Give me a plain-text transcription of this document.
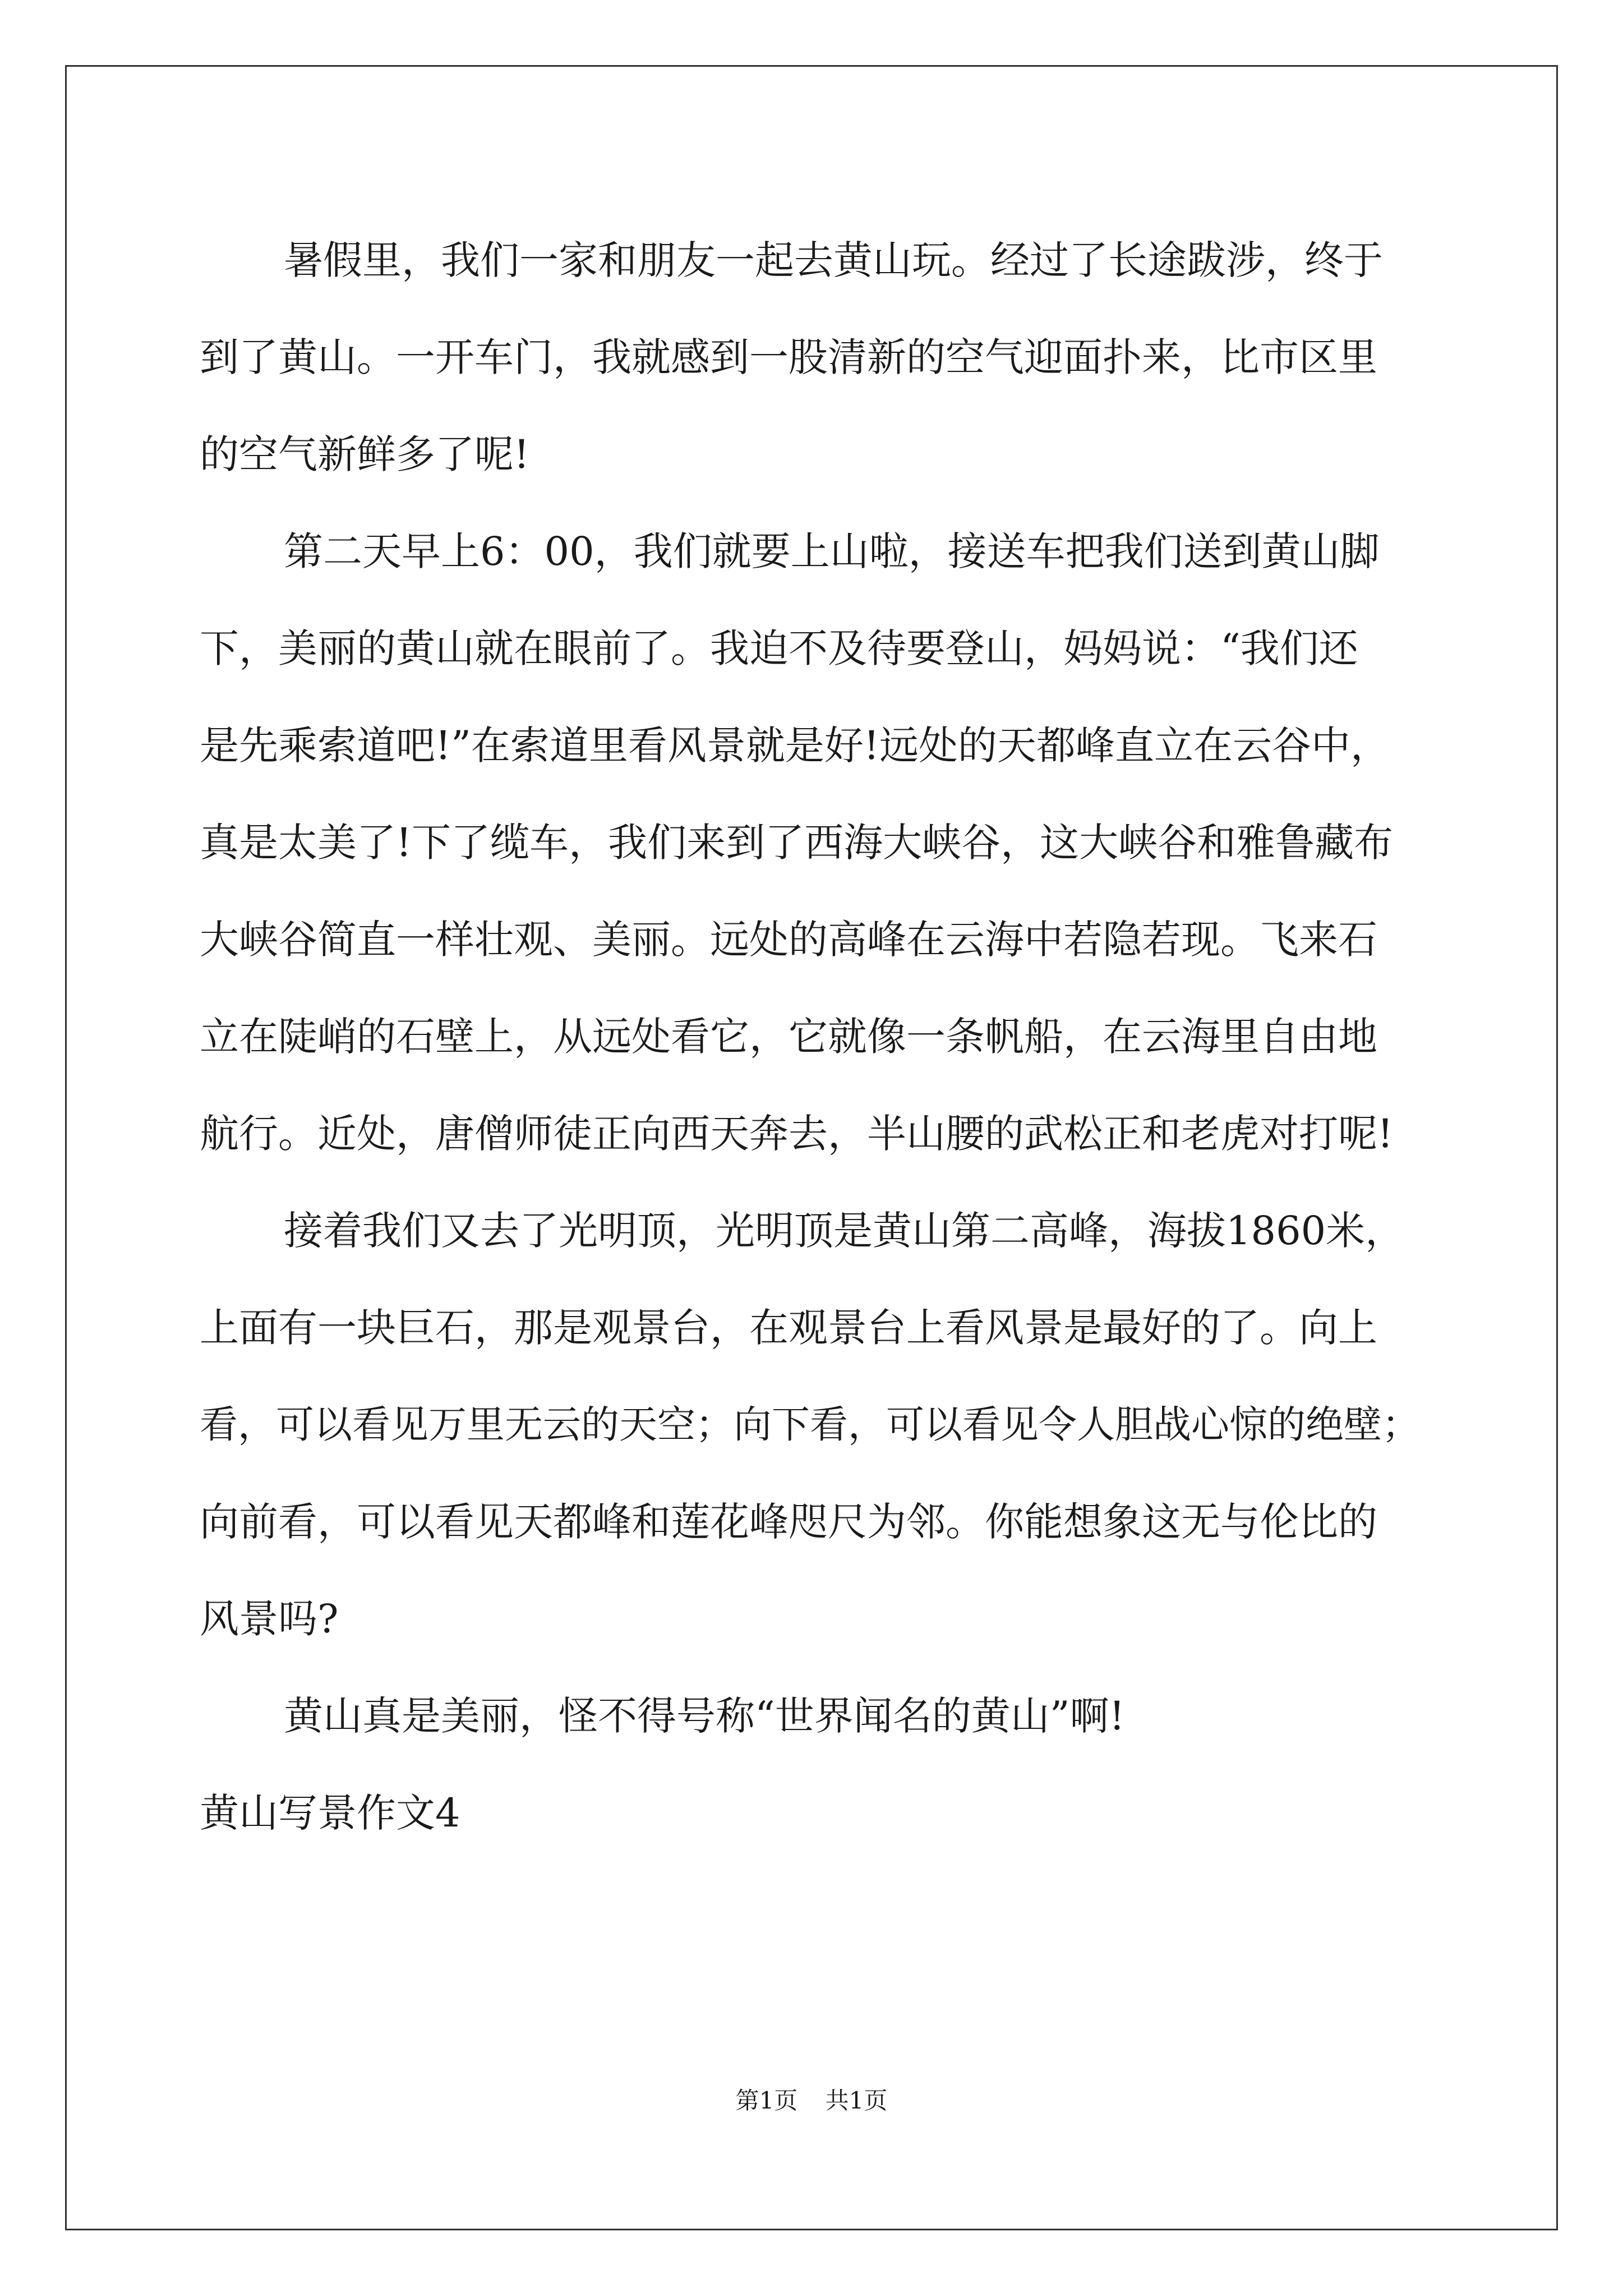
暑假里，我们一家和朋友一起去黄山玩。经过了长途跋涉，终于
到了黄山。一开车门，我就感到一股清新的空气迎面扑来，比市区里
的空气新鲜多了呢!
第二天早上6：00，我们就要上山啦，接送车把我们送到黄山脚
下，美丽的黄山就在眼前了。我迫不及待要登山，妈妈说：“我们还
是先乘索道吧!”在索道里看风景就是好!远处的天都峰直立在云谷中，
真是太美了!下了缆车，我们来到了西海大峡谷，这大峡谷和雅鲁藏布
大峡谷简直一样壮观、美丽。远处的高峰在云海中若隐若现。飞来石
立在陡峭的石壁上，从远处看它，它就像一条帆船，在云海里自由地
航行。近处，唐僧师徒正向西天奔去，半山腰的武松正和老虎对打呢!
接着我们又去了光明顶，光明顶是黄山第二高峰，海拔1860米，
上面有一块巨石，那是观景台，在观景台上看风景是最好的了。向上
看，可以看见万里无云的天空；向下看，可以看见令人胆战心惊的绝壁；
向前看，可以看见天都峰和莲花峰咫尺为邻。你能想象这无与伦比的
风景吗?
黄山真是美丽，怪不得号称“世界闻名的黄山”啊!
黄山写景作文4
第1页 共1页
